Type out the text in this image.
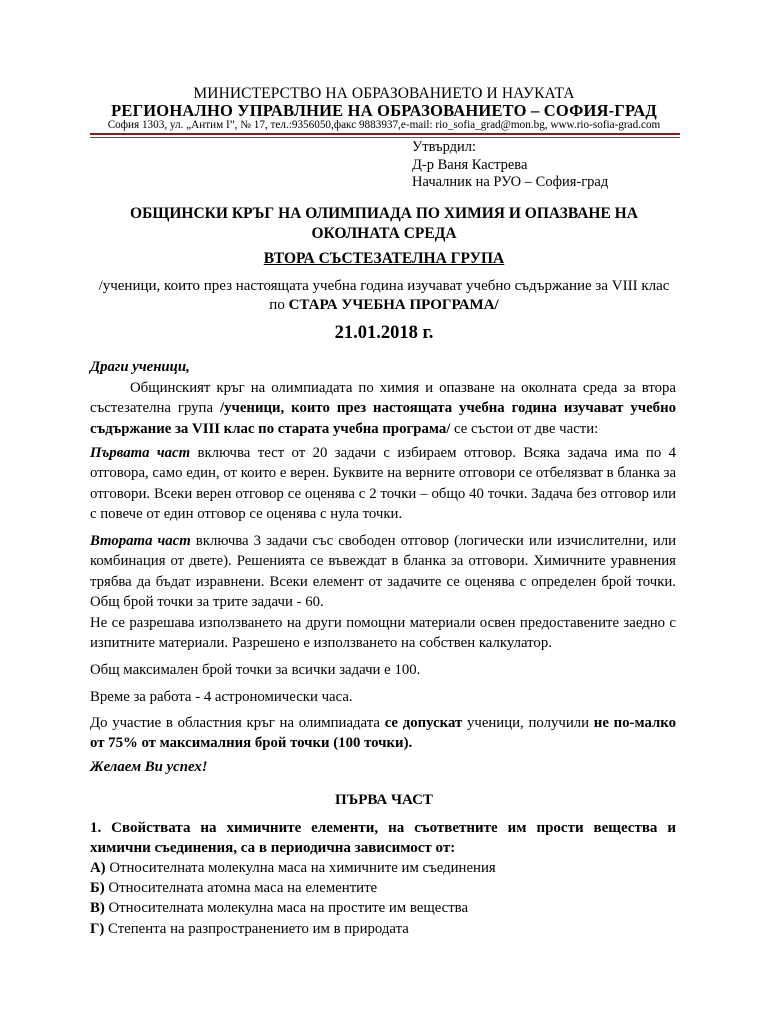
МИНИСТЕРСТВО НА ОБРАЗОВАНИЕТО И НАУКАТА
РЕГИОНАЛНО УПРАВЛНИЕ НА ОБРАЗОВАНИЕТО – СОФИЯ-ГРАД
София 1303, ул. „Антим I”, № 17, тел.:9356050,факс 9883937,e-mail: rio_sofia_grad@mon.bg, www.rio-sofia-grad.com
Утвърдил:
Д-р Ваня Кастрева
Началник на РУО – София-град
ОБЩИНСКИ КРЪГ НА ОЛИМПИАДА ПО ХИМИЯ И ОПАЗВАНЕ НА ОКОЛНАТА СРЕДА
ВТОРА СЪСТЕЗАТЕЛНА ГРУПА
/ученици, които през настоящата учебна година изучават учебно съдържание за VIII клас по СТАРА УЧЕБНА ПРОГРАМА/
21.01.2018 г.
Драги ученици,
Общинският кръг на олимпиадата по химия и опазване на околната среда за втора състезателна група /ученици, които през настоящата учебна година изучават учебно съдържание за VIII клас по старата учебна програма/ се състои от две части:
Първата част включва тест от 20 задачи с избираем отговор. Всяка задача има по 4 отговора, само един, от които е верен. Буквите на верните отговори се отбелязват в бланка за отговори. Всеки верен отговор се оценява с 2 точки – общо 40 точки. Задача без отговор или с повече от един отговор се оценява с нула точки.
Втората част включва 3 задачи със свободен отговор (логически или изчислителни, или комбинация от двете). Решенията се въвеждат в бланка за отговори. Химичните уравнения трябва да бъдат изравнени. Всеки елемент от задачите се оценява с определен брой точки. Общ брой точки за трите задачи - 60.
Не се разрешава използването на други помощни материали освен предоставените заедно с изпитните материали. Разрешено е използването на собствен калкулатор.
Общ максимален брой точки за всички задачи е 100.
Време за работа - 4 астрономически часа.
До участие в областния кръг на олимпиадата се допускат ученици, получили не по-малко от 75% от максималния брой точки (100 точки).
Желаем Ви успех!
ПЪРВА ЧАСТ
1. Свойствата на химичните елементи, на съответните им прости вещества и химични съединения, са в периодична зависимост от:
А) Относителната молекулна маса на химичните им съединения
Б) Относителната атомна маса на елементите
В) Относителната молекулна маса на простите им вещества
Г) Степента на разпространението им в природата
